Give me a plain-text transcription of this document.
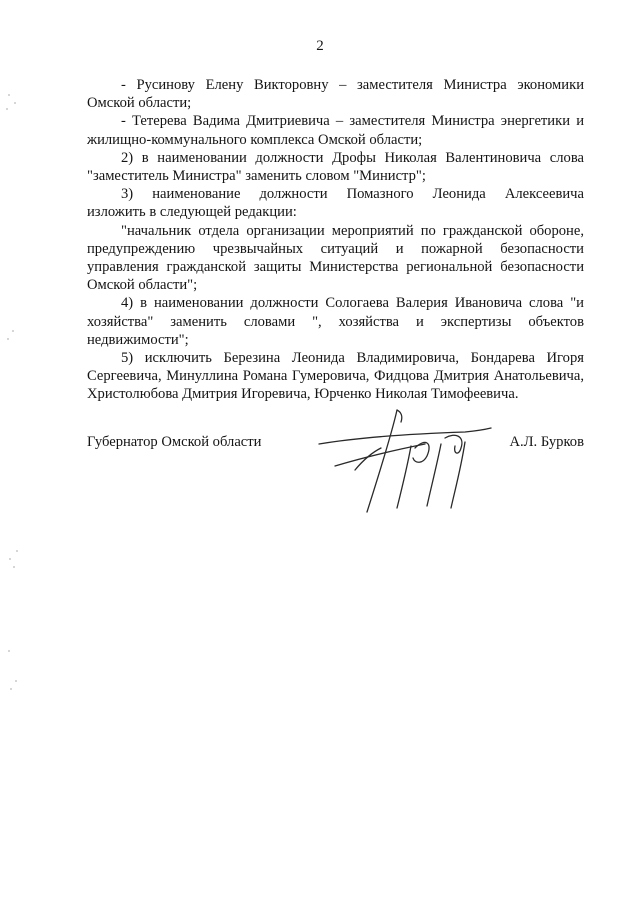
2

- Русинову Елену Викторовну – заместителя Министра экономики

Омской области;

- Тетерева Вадима Дмитриевича – заместителя Министра энергетики и жилищно-коммунального комплекса Омской области;

2) в наименовании должности Дрофы Николая Валентиновича слова "заместитель Министра" заменить словом "Министр";

3) наименование должности Помазного Леонида Алексеевича

изложить в следующей редакции:

"начальник отдела организации мероприятий по гражданской обороне, предупреждению чрезвычайных ситуаций и пожарной безопасности управления гражданской защиты Министерства региональной безопасности Омской области";

4) в наименовании должности Сологаева Валерия Ивановича слова "и хозяйства" заменить словами ", хозяйства и экспертизы объектов недвижимости";

5) исключить Березина Леонида Владимировича, Бондарева Игоря Сергеевича, Минуллина Романа Гумеровича, Фидцова Дмитрия Анатольевича, Христолюбова Дмитрия Игоревича, Юрченко Николая Тимофеевича.

Губернатор Омской области	А.Л. Бурков
